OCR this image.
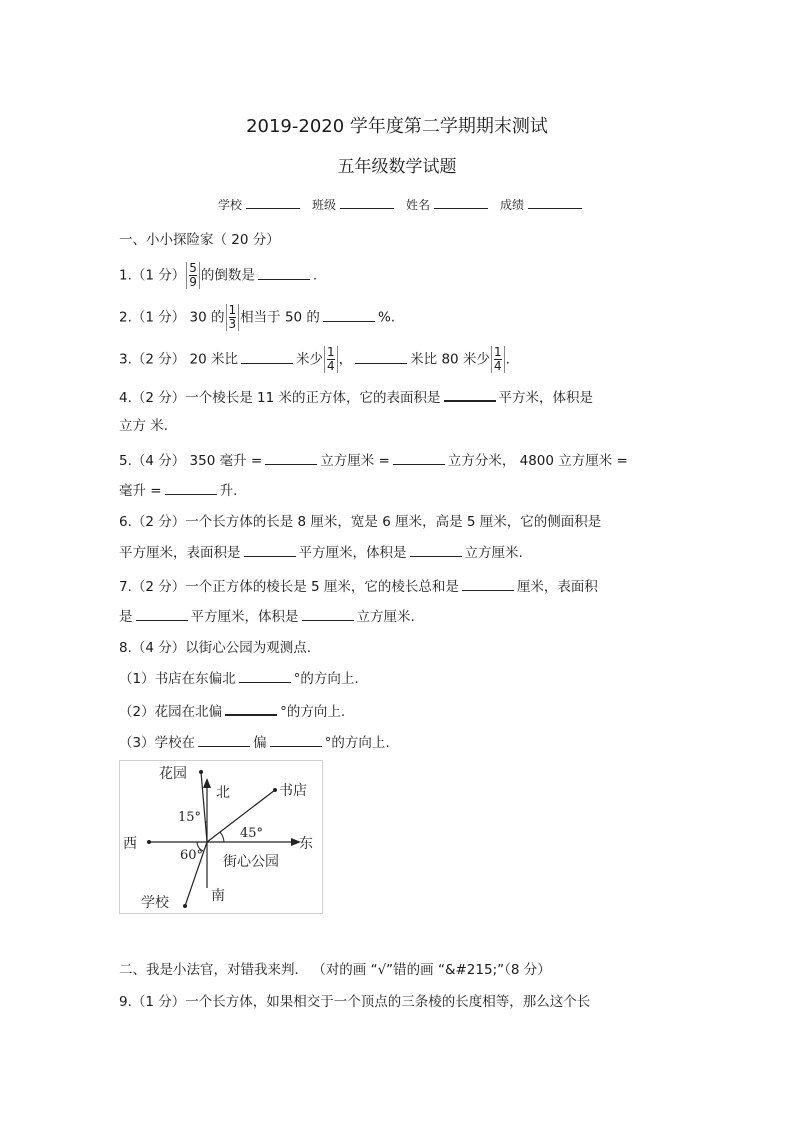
2019-2020 学年度第二学期期末测试
五年级数学试题
学校	班级	姓名	成绩
一、小小探险家（ 20 分）
1.（1 分） $\frac{5}{9}$ 的倒数是	.
2.（1 分） 30 的 $\frac{1}{3}$ 相当于 50 的	%.
3.（2 分） 20 米比	米少 $\frac{1}{4}$ ，	米比 80 米少 $\frac{1}{4}$ .
4.（2 分）一个棱长是 11 米的正方体，它的表面积是	平方米，体积是
立方 米.
5.（4 分） 350 毫升 =	立方厘米 =	立方分米， 4800 立方厘米 =
毫升 =	升.
6.（2 分）一个长方体的长是 8 厘米，宽是 6 厘米，高是 5 厘米，它的侧面积是
平方厘米，表面积是	平方厘米，体积是	立方厘米.
7.（2 分）一个正方体的棱长是 5 厘米，它的棱长总和是	厘米，表面积
是	平方厘米，体积是	立方厘米.
8.（4 分）以街心公园为观测点.
（1）书店在东偏北	°的方向上.
（2）花园在北偏	°的方向上.
（3）学校在	偏	°的方向上.
花园
北	书店
15°
45°
西	东
60° 街心公园
南
学校
二、我是小法官，对错我来判． （对的画 “√”错的画 “&#215;”（8 分）
9.（1 分）一个长方体，如果相交于一个顶点的三条棱的长度相等，那么这个长
